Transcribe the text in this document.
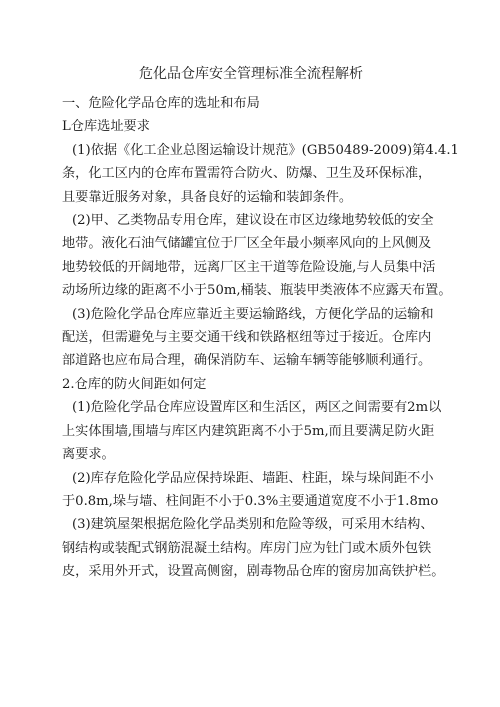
危化品仓库安全管理标准全流程解析

一、危险化学品仓库的选址和布局

L仓库选址要求

(1)依据《化工企业总图运输设计规范》(GB50489-2009)第4.4.1

条，化工区内的仓库布置需符合防火、防爆、卫生及环保标准，

且要靠近服务对象，具备良好的运输和装卸条件。

(2)甲、乙类物品专用仓库，建议设在市区边缘地势较低的安全

地带。液化石油气储罐宜位于厂区全年最小频率风向的上风侧及

地势较低的开阔地带，远离厂区主干道等危险设施,与人员集中活

动场所边缘的距离不小于50m,桶装、瓶装甲类液体不应露天布置。

(3)危险化学品仓库应靠近主要运输路线，方便化学品的运输和

配送，但需避免与主要交通干线和铁路枢纽等过于接近。仓库内

部道路也应布局合理，确保消防车、运输车辆等能够顺利通行。

2.仓库的防火间距如何定

(1)危险化学品仓库应设置库区和生活区，两区之间需要有2m以

上实体围墙,围墙与库区内建筑距离不小于5m,而且要满足防火距

离要求。

(2)库存危险化学品应保持垛距、墙距、柱距，垛与垛间距不小

于0.8m,垛与墙、柱间距不小于0.3%主要通道宽度不小于1.8mo

(3)建筑屋架根据危险化学品类别和危险等级，可采用木结构、

钢结构或装配式钢筋混凝土结构。库房门应为钍门或木质外包铁

皮，采用外开式，设置高侧窗，剧毒物品仓库的窗房加高铁护栏。
